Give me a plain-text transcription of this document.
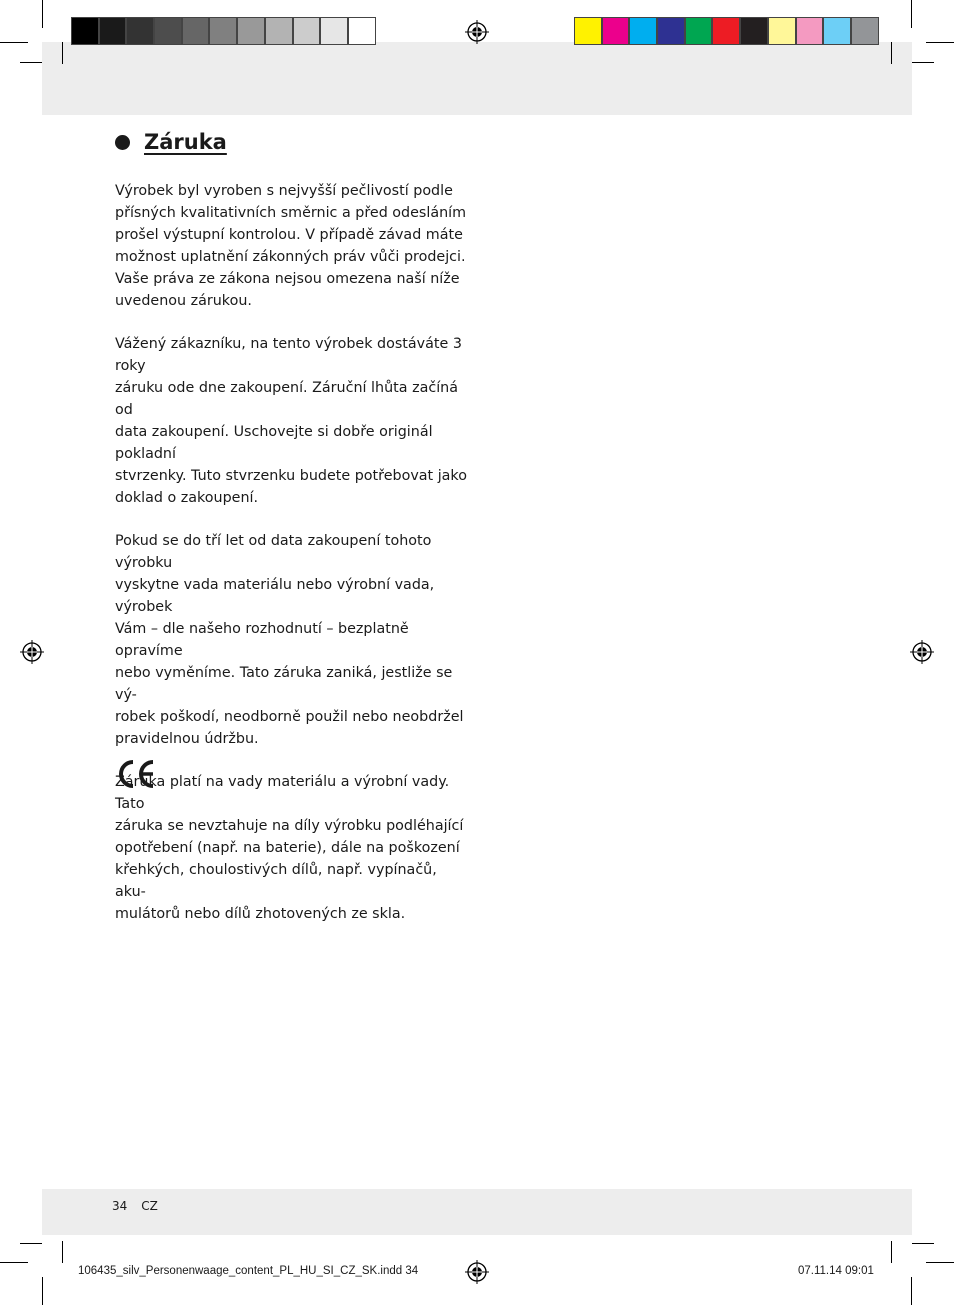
Záruka

Výrobek byl vyroben s nejvyšší pečlivostí podle
přísných kvalitativních směrnic a před odesláním
prošel výstupní kontrolou. V případě závad máte
možnost uplatnění zákonných práv vůči prodejci.
Vaše práva ze zákona nejsou omezena naší níže
uvedenou zárukou.

Vážený zákazníku, na tento výrobek dostáváte 3 roky
záruku ode dne zakoupení. Záruční lhůta začíná od
data zakoupení. Uschovejte si dobře originál pokladní
stvrzenky. Tuto stvrzenku budete potřebovat jako
doklad o zakoupení.

Pokud se do tří let od data zakoupení tohoto výrobku
vyskytne vada materiálu nebo výrobní vada, výrobek
Vám – dle našeho rozhodnutí – bezplatně opravíme
nebo vyměníme. Tato záruka zaniká, jestliže se vý-
robek poškodí, neodborně použil nebo neobdržel
pravidelnou údržbu.

Záruka platí na vady materiálu a výrobní vady. Tato
záruka se nevztahuje na díly výrobku podléhající
opotřebení (např. na baterie), dále na poškození
křehkých, choulostivých dílů, např. vypínačů, aku-
mulátorů nebo dílů zhotovených ze skla.

34 CZ
106435_silv_Personenwaage_content_PL_HU_SI_CZ_SK.indd 34	07.11.14 09:01
